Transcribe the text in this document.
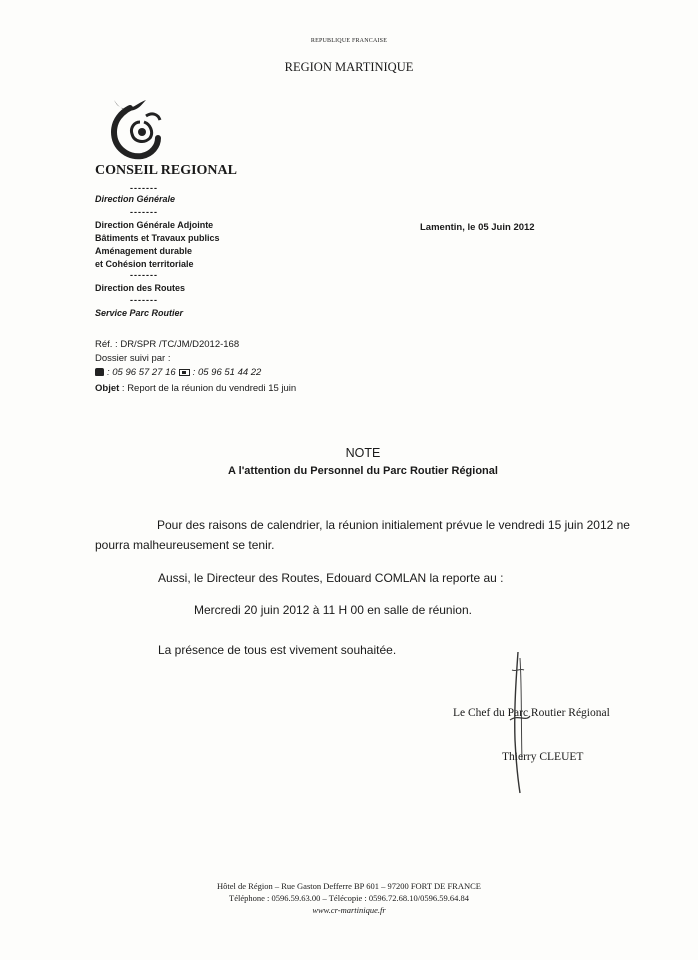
REPUBLIQUE FRANCAISE
REGION MARTINIQUE
CONSEIL REGIONAL
-------
Direction Générale
-------
Direction Générale Adjointe
Bâtiments et Travaux publics
Aménagement durable
et Cohésion territoriale
-------
Direction des Routes
-------
Service Parc Routier
Lamentin, le 05 Juin 2012
Réf. : DR/SPR /TC/JM/D2012-168
Dossier suivi par :
: 05 96 57 27 16 : 05 96 51 44 22
Objet : Report de la réunion du vendredi 15 juin
NOTE
A l'attention du Personnel du Parc Routier Régional
Pour des raisons de calendrier, la réunion initialement prévue le vendredi 15 juin 2012 ne pourra malheureusement se tenir.
Aussi, le Directeur des Routes, Edouard COMLAN la reporte au :
Mercredi 20 juin 2012 à 11 H 00 en salle de réunion.
La présence de tous est vivement souhaitée.
Le Chef du Parc Routier Régional
Thierry CLEUET
Hôtel de Région – Rue Gaston Defferre BP 601 – 97200 FORT DE FRANCE
Téléphone : 0596.59.63.00 – Télécopie : 0596.72.68.10/0596.59.64.84
www.cr-martinique.fr
